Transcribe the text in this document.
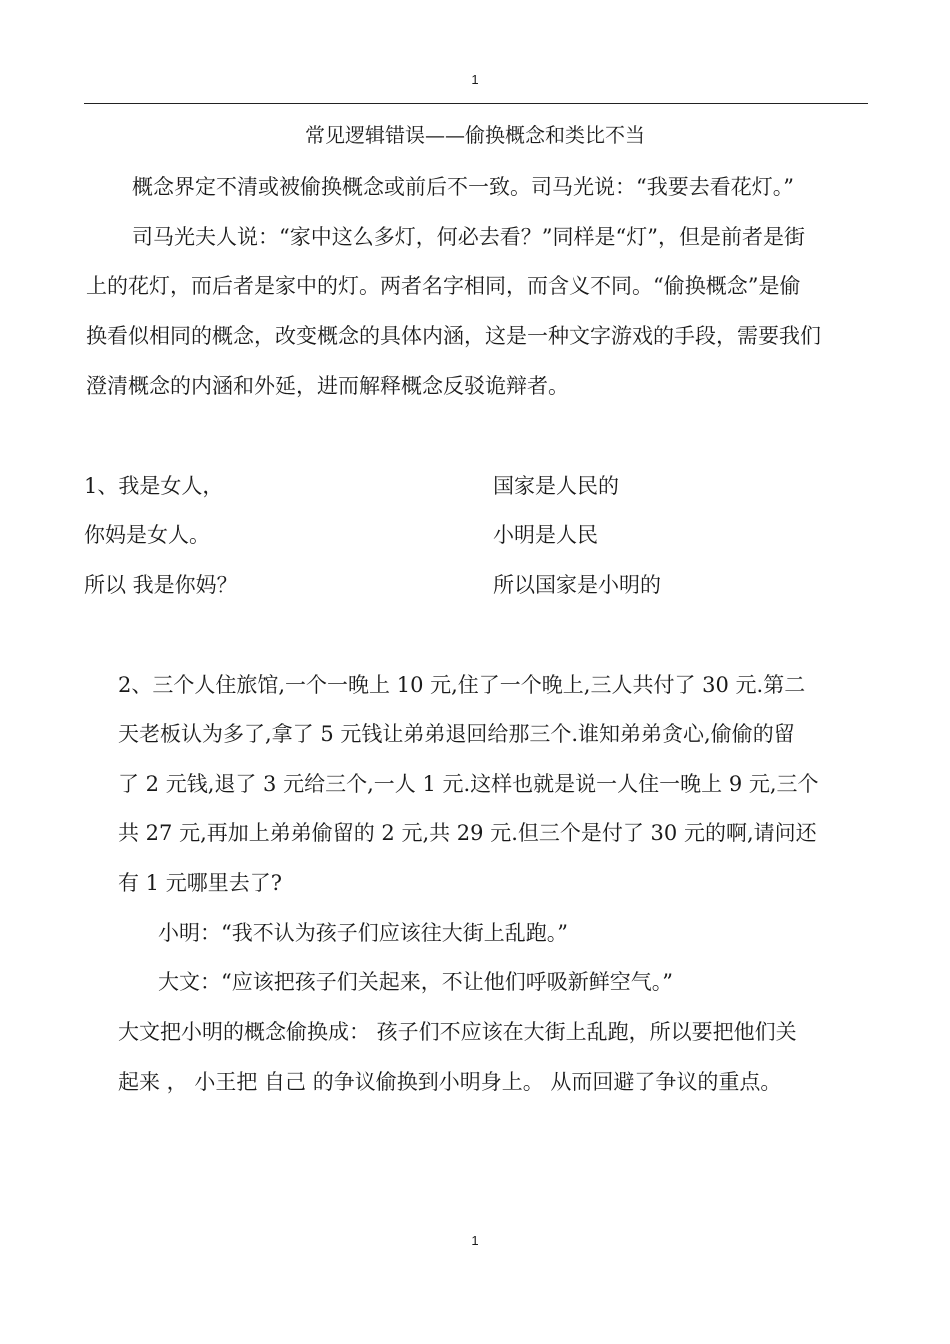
1
常见逻辑错误——偷换概念和类比不当
概念界定不清或被偷换概念或前后不一致。司马光说：“我要去看花灯。”
司马光夫人说：“家中这么多灯，何必去看？”同样是“灯”，但是前者是街
上的花灯，而后者是家中的灯。两者名字相同，而含义不同。“偷换概念”是偷
换看似相同的概念，改变概念的具体内涵，这是一种文字游戏的手段，需要我们
澄清概念的内涵和外延，进而解释概念反驳诡辩者。
1、我是女人，
你妈是女人。
所以 我是你妈？
国家是人民的
小明是人民
所以国家是小明的
2、三个人住旅馆,一个一晚上 10 元,住了一个晚上,三人共付了 30 元.第二
天老板认为多了,拿了 5 元钱让弟弟退回给那三个.谁知弟弟贪心,偷偷的留
了 2 元钱,退了 3 元给三个,一人 1 元.这样也就是说一人住一晚上 9 元,三个
共 27 元,再加上弟弟偷留的 2 元,共 29 元.但三个是付了 30 元的啊,请问还
有 1 元哪里去了?
小明：“我不认为孩子们应该往大街上乱跑。”
大文：“应该把孩子们关起来，不让他们呼吸新鲜空气。”
大文把小明的概念偷换成： 孩子们不应该在大街上乱跑，所以要把他们关
起来 ， 小王把 自己 的争议偷换到小明身上。 从而回避了争议的重点。
1
